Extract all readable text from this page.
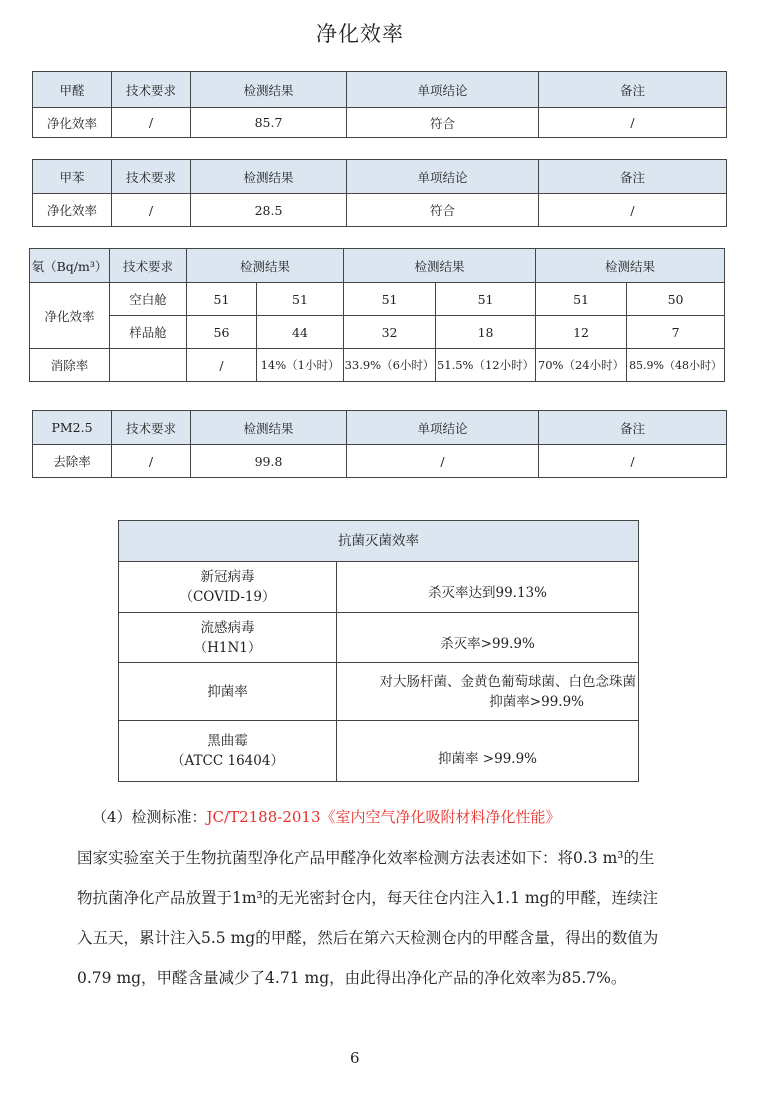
净化效率
甲醛	技术要求	检测结果	单项结论	备注
净化效率	/	85.7	符合	/
甲苯	技术要求	检测结果	单项结论	备注
净化效率	/	28.5	符合	/
氡（Bq/m³）	技术要求	检测结果		检测结果		检测结果	
净化效率	空白舱	51	51	51	51	51	50
	样品舱	56	44	32	18	12	7
消除率		/	14%（1小时）	33.9%（6小时）	51.5%（12小时）	70%（24小时）	85.9%（48小时）
PM2.5	技术要求	检测结果	单项结论	备注
去除率	/	99.8	/	/
抗菌灭菌效率	

新冠病毒
（COVID-19）	杀灭率达到99.13%

流感病毒
（H1N1）	杀灭率>99.9%

抑菌率	对大肠杆菌、金黄色葡萄球菌、白色念珠菌
抑菌率>99.9%

黑曲霉
（ATCC 16404）	抑菌率 >99.9%
（4）检测标准：JC/T2188-2013《室内空气净化吸附材料净化性能》
国家实验室关于生物抗菌型净化产品甲醛净化效率检测方法表述如下：将0.3 m³的生
物抗菌净化产品放置于1m³的无光密封仓内，每天往仓内注入1.1 mg的甲醛，连续注
入五天，累计注入5.5 mg的甲醛，然后在第六天检测仓内的甲醛含量，得出的数值为
0.79 mg，甲醛含量减少了4.71 mg，由此得出净化产品的净化效率为85.7%。
6
